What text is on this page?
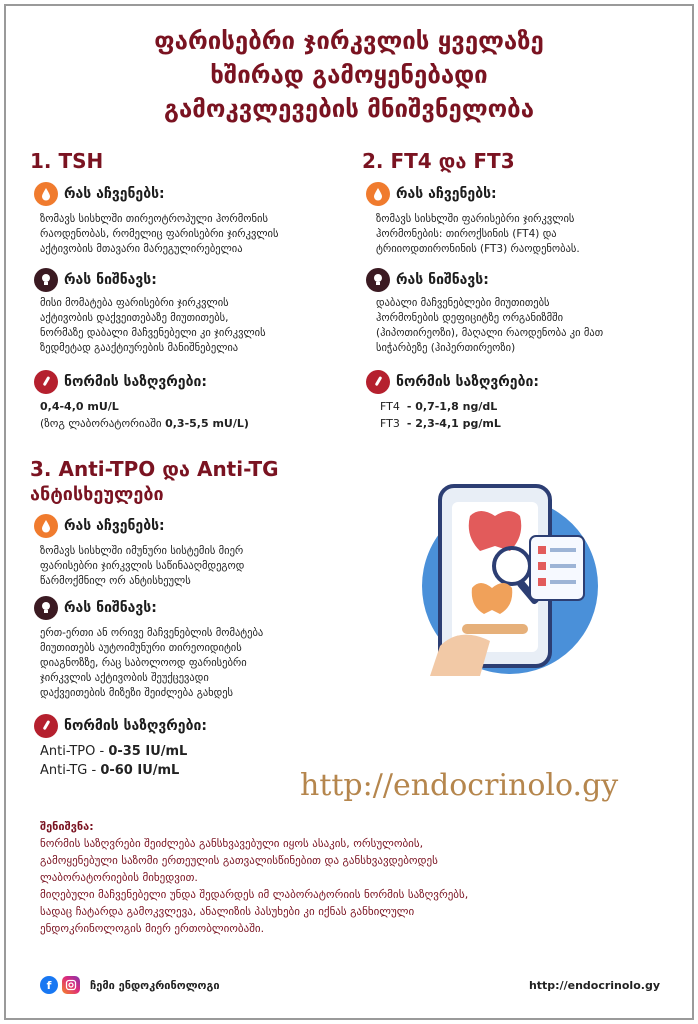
ფარისებრი ჯირკვლის ყველაზე
ხშირად გამოყენებადი
გამოკვლევების მნიშვნელობა
1. TSH
რას აჩვენებს:
ზომავს სისხლში თირეოტროპული ჰორმონის
რაოდენობას, რომელიც ფარისებრი ჯირკვლის
აქტივობის მთავარი მარეგულირებელია
რას ნიშნავს:
მისი მომატება ფარისებრი ჯირკვლის
აქტივობის დაქვეითებაზე მიუთითებს,
ნორმაზე დაბალი მაჩვენებელი კი ჯირკვლის
ზედმეტად გააქტიურების მანიშნებელია
ნორმის საზღვრები:
0,4-4,0 mU/L
(ზოგ ლაბორატორიაში 0,3-5,5 mU/L)
2. FT4 და FT3
რას აჩვენებს:
ზომავს სისხლში ფარისებრი ჯირკვლის
ჰორმონების: თიროქსინის (FT4) და
ტრიიოდთირონინის (FT3) რაოდენობას.
რას ნიშნავს:
დაბალი მაჩვენებლები მიუთითებს
ჰორმონების დეფიციტზე ორგანიზმში
(ჰიპოთირეოზი), მაღალი რაოდენობა კი მათ
სიჭარბეზე (ჰიპერთირეოზი)
ნორმის საზღვრები:
FT4 - 0,7-1,8 ng/dL
FT3 - 2,3-4,1 pg/mL
3. Anti-TPO და Anti-TG
ანტისხეულები
რას აჩვენებს:
ზომავს სისხლში იმუნური სისტემის მიერ
ფარისებრი ჯირკვლის საწინააღმდეგოდ
წარმოქმნილ ორ ანტისხეულს
რას ნიშნავს:
ერთ-ერთი ან ორივე მაჩვენებლის მომატება
მიუთითებს აუტოიმუნური თირეოიდიტის
დიაგნოზზე, რაც საბოლოოდ ფარისებრი
ჯირკვლის აქტივობის შეუქცევადი
დაქვეითების მიზეზი შეიძლება გახდეს
ნორმის საზღვრები:
Anti-TPO - 0-35 IU/mL
Anti-TG - 0-60 IU/mL	http://endocrinolo.gy
შენიშვნა:
ნორმის საზღვრები შეიძლება განსხვავებული იყოს ასაკის, ორსულობის,
გამოყენებული საზომი ერთეულის გათვალისწინებით და განსხვავდებოდეს
ლაბორატორიების მიხედვით.
მიღებული მაჩვენებელი უნდა შედარდეს იმ ლაბორატორიის ნორმის საზღვრებს,
სადაც ჩატარდა გამოკვლევა, ანალიზის პასუხები კი იქნას განხილული
ენდოკრინოლოგის მიერ ერთობლიობაში.
f	ჩემი ენდოკრინოლოგი	http://endocrinolo.gy
